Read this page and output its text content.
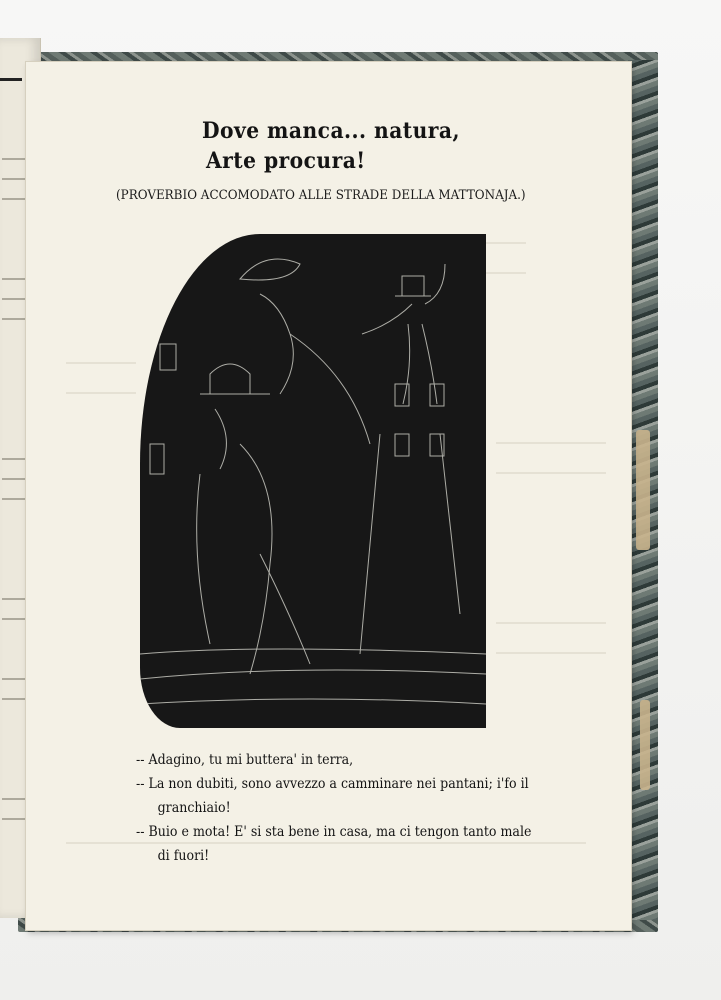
Dove manca... natura,
Arte procura!

(PROVERBIO ACCOMODATO ALLE STRADE DELLA MATTONAJA.)

-- Adagino, tu mi buttera' in terra,
-- La non dubiti, sono avvezzo a camminare nei pantani; i'fo il
granchiaio!
-- Buio e mota! E' si sta bene in casa, ma ci tengon tanto male
di fuori!
